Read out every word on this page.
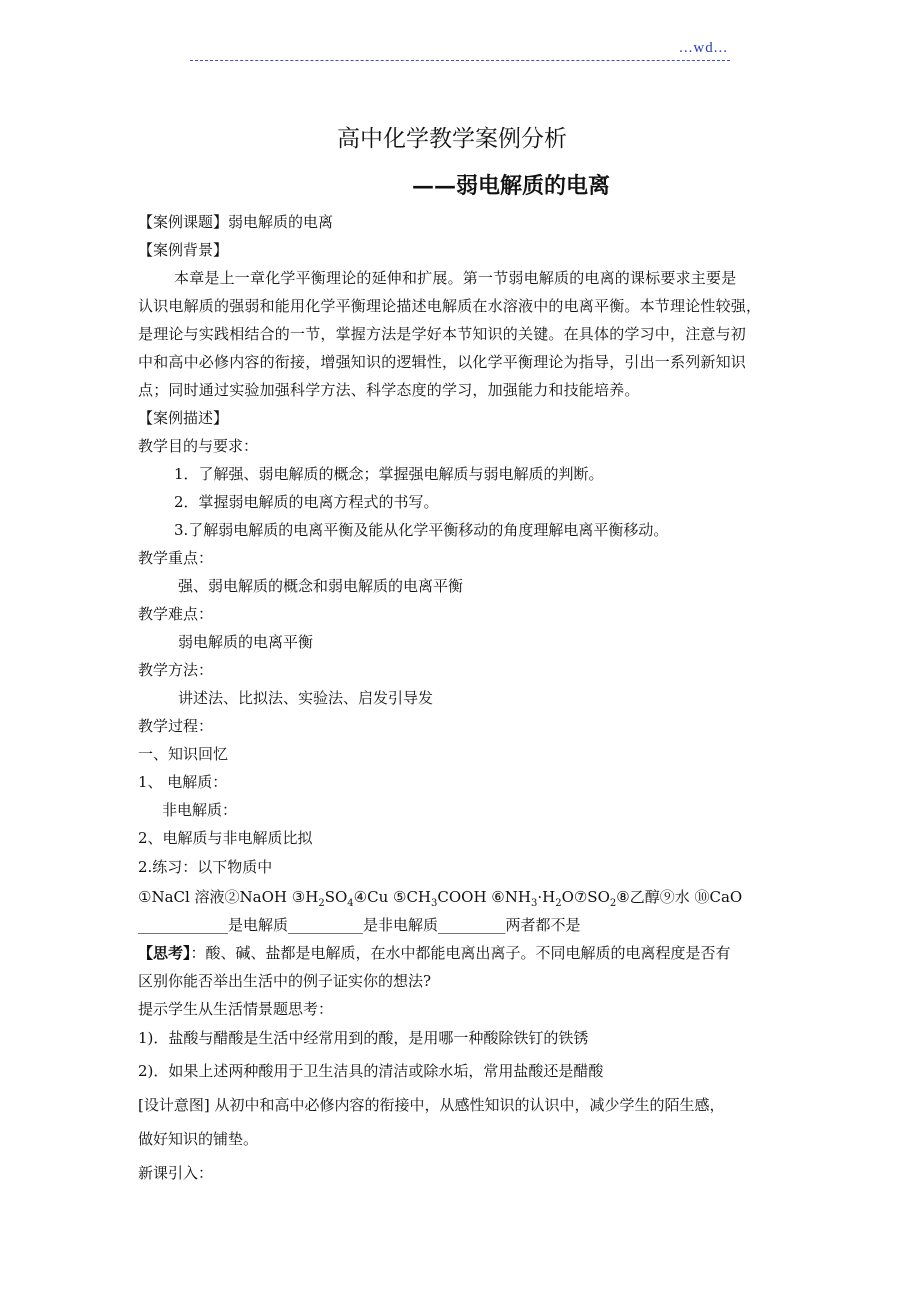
...wd...
高中化学教学案例分析
——弱电解质的电离
【案例课题】弱电解质的电离
【案例背景】
本章是上一章化学平衡理论的延伸和扩展。第一节弱电解质的电离的课标要求主要是
认识电解质的强弱和能用化学平衡理论描述电解质在水溶液中的电离平衡。本节理论性较强，
是理论与实践相结合的一节，掌握方法是学好本节知识的关键。在具体的学习中，注意与初
中和高中必修内容的衔接，增强知识的逻辑性，以化学平衡理论为指导，引出一系列新知识
点；同时通过实验加强科学方法、科学态度的学习，加强能力和技能培养。
【案例描述】
教学目的与要求：
1．了解强、弱电解质的概念；掌握强电解质与弱电解质的判断。
2．掌握弱电解质的电离方程式的书写。
3.了解弱电解质的电离平衡及能从化学平衡移动的角度理解电离平衡移动。
教学重点：
强、弱电解质的概念和弱电解质的电离平衡
教学难点：
弱电解质的电离平衡
教学方法：
讲述法、比拟法、实验法、启发引导发
教学过程：
一、知识回忆
1、 电解质：
非电解质：
2、电解质与非电解质比拟
2.练习：以下物质中
①NaCl 溶液②NaOH $③H_2SO_4④Cu$ $⑤CH_3COOH$ $⑥NH_3\cdot H_2O⑦SO_2⑧$乙醇⑨水 ⑩CaO
____________是电解质__________是非电解质_________两者都不是
【思考】：酸、碱、盐都是电解质，在水中都能电离出离子。不同电解质的电离程度是否有
区别你能否举出生活中的例子证实你的想法?
提示学生从生活情景题思考：
1)．盐酸与醋酸是生活中经常用到的酸，是用哪一种酸除铁钉的铁锈
2)．如果上述两种酸用于卫生洁具的清洁或除水垢，常用盐酸还是醋酸
[设计意图] 从初中和高中必修内容的衔接中，从感性知识的认识中，减少学生的陌生感，
做好知识的铺垫。
新课引入：
